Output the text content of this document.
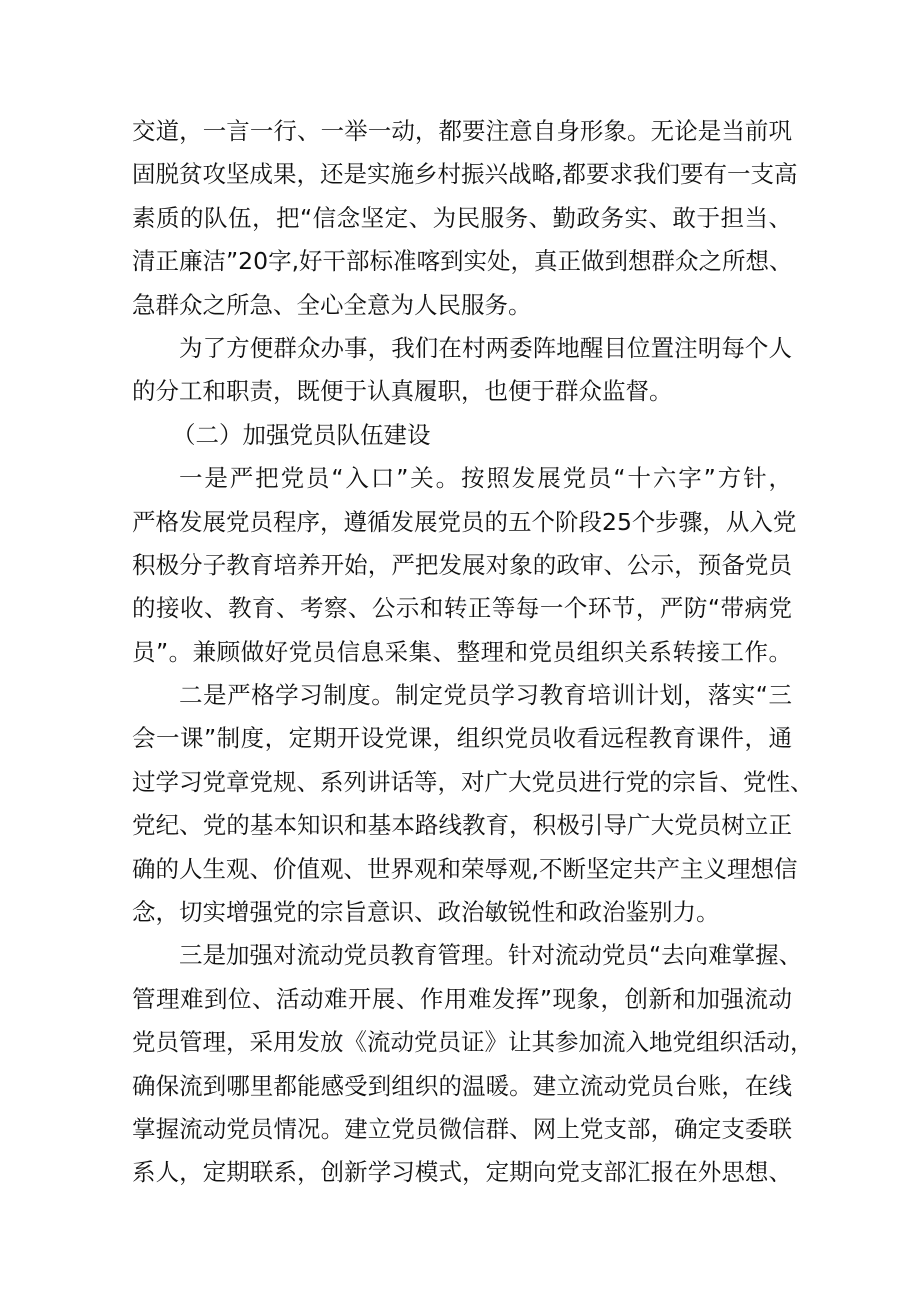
交道，一言一行、一举一动，都要注意自身形象。无论是当前巩
固脱贫攻坚成果，还是实施乡村振兴战略,都要求我们要有一支高
素质的队伍，把“信念坚定、为民服务、勤政务实、敢于担当、
清正廉洁”20字,好干部标准喀到实处，真正做到想群众之所想、
急群众之所急、全心全意为人民服务。
为了方便群众办事，我们在村两委阵地醒目位置注明每个人
的分工和职责，既便于认真履职，也便于群众监督。
（二）加强党员队伍建设
一是严把党员“入口”关。按照发展党员“十六字”方针，
严格发展党员程序，遵循发展党员的五个阶段25个步骤，从入党
积极分子教育培养开始，严把发展对象的政审、公示，预备党员
的接收、教育、考察、公示和转正等每一个环节，严防“带病党
员”。兼顾做好党员信息采集、整理和党员组织关系转接工作。
二是严格学习制度。制定党员学习教育培训计划，落实“三
会一课”制度，定期开设党课，组织党员收看远程教育课件，通
过学习党章党规、系列讲话等，对广大党员进行党的宗旨、党性、
党纪、党的基本知识和基本路线教育，积极引导广大党员树立正
确的人生观、价值观、世界观和荣辱观,不断坚定共产主义理想信
念，切实增强党的宗旨意识、政治敏锐性和政治鉴别力。
三是加强对流动党员教育管理。针对流动党员“去向难掌握、
管理难到位、活动难开展、作用难发挥”现象，创新和加强流动
党员管理，采用发放《流动党员证》让其参加流入地党组织活动，
确保流到哪里都能感受到组织的温暖。建立流动党员台账，在线
掌握流动党员情况。建立党员微信群、网上党支部，确定支委联
系人，定期联系，创新学习模式，定期向党支部汇报在外思想、
